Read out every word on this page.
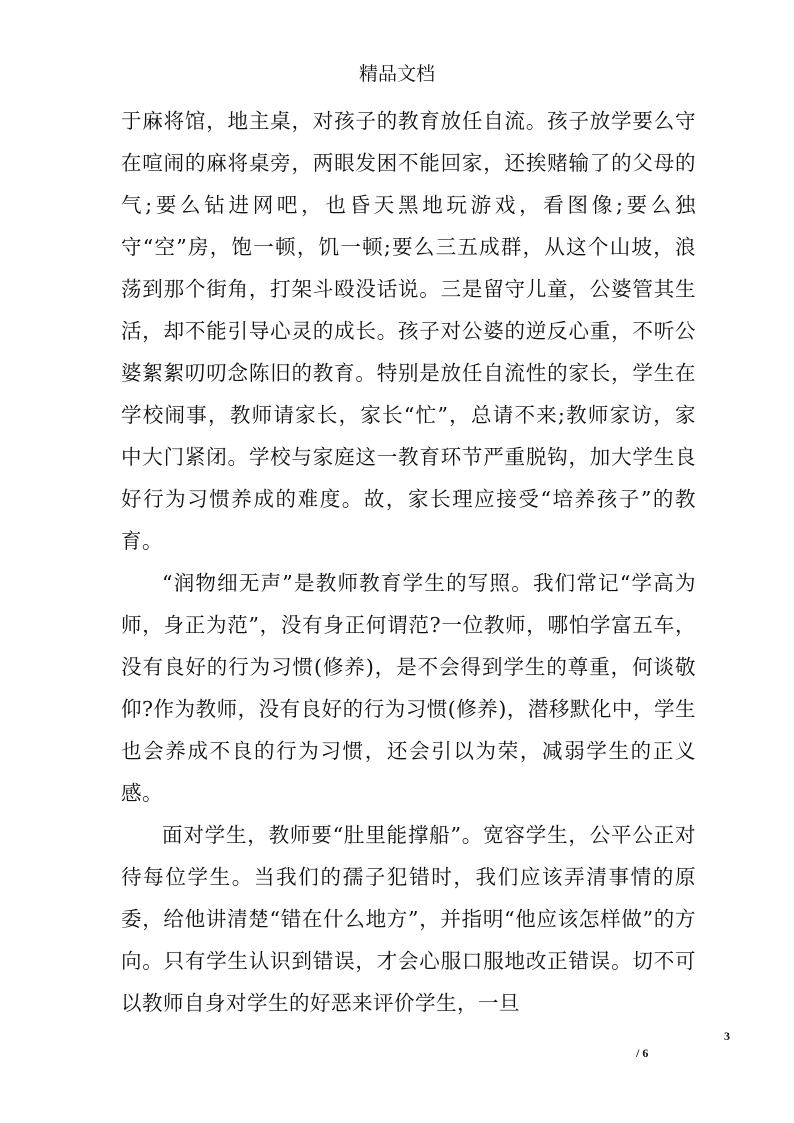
精品文档

于麻将馆，地主桌，对孩子的教育放任自流。孩子放学要么守在喧闹的麻将桌旁，两眼发困不能回家，还挨赌输了的父母的气;要么钻进网吧，也昏天黑地玩游戏，看图像;要么独守“空”房，饱一顿，饥一顿;要么三五成群，从这个山坡，浪荡到那个街角，打架斗殴没话说。三是留守儿童，公婆管其生活，却不能引导心灵的成长。孩子对公婆的逆反心重，不听公婆絮絮叨叨念陈旧的教育。特别是放任自流性的家长，学生在学校闹事，教师请家长，家长“忙”，总请不来;教师家访，家中大门紧闭。学校与家庭这一教育环节严重脱钩，加大学生良好行为习惯养成的难度。故，家长理应接受“培养孩子”的教育。

“润物细无声”是教师教育学生的写照。我们常记“学高为师，身正为范”，没有身正何谓范?一位教师，哪怕学富五车，没有良好的行为习惯(修养)，是不会得到学生的尊重，何谈敬仰?作为教师，没有良好的行为习惯(修养)，潜移默化中，学生也会养成不良的行为习惯，还会引以为荣，减弱学生的正义感。

面对学生，教师要“肚里能撑船”。宽容学生，公平公正对待每位学生。当我们的孺子犯错时，我们应该弄清事情的原委，给他讲清楚“错在什么地方”，并指明“他应该怎样做”的方向。只有学生认识到错误，才会心服口服地改正错误。切不可以教师自身对学生的好恶来评价学生，一旦

3
/ 6
